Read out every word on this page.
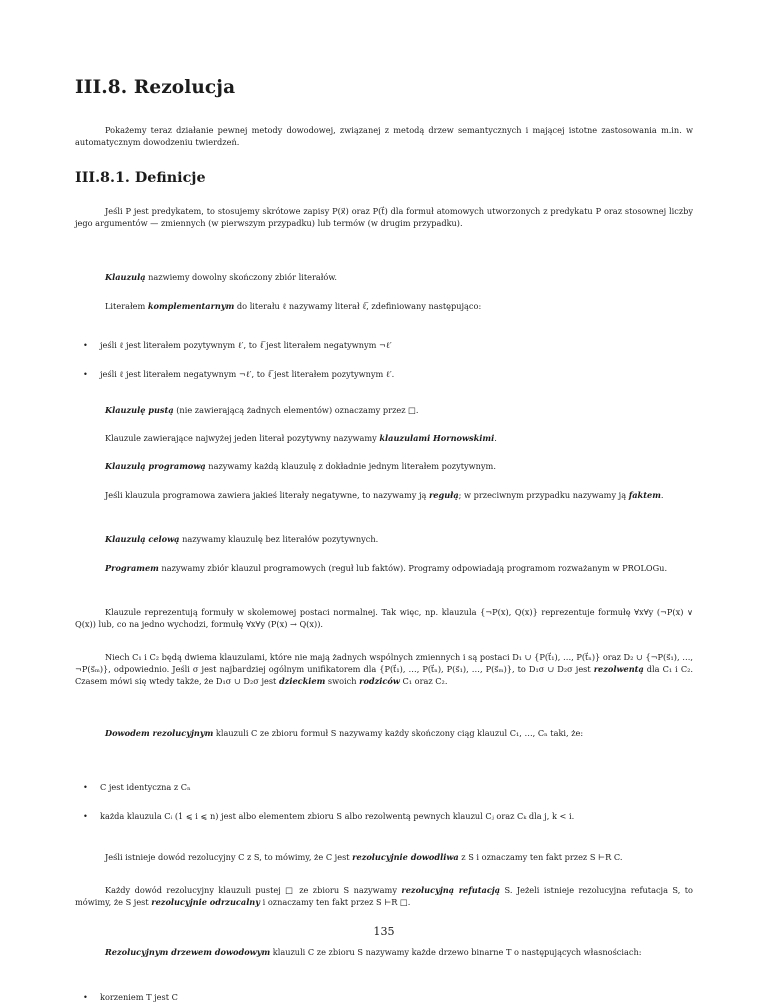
III.8. Rezolucja

Pokażemy teraz działanie pewnej metody dowodowej, związanej z metodą drzew semantycznych i mającej istotne zastosowania m.in. w automatycznym dowodzeniu twierdzeń.

III.8.1. Definicje

Jeśli P jest predykatem, to stosujemy skrótowe zapisy P(x⃗) oraz P(t⃗) dla formuł atomowych utworzonych z predykatu P oraz stosownej liczby jego argumentów — zmiennych (w pierwszym przypadku) lub termów (w drugim przypadku).

Klauzulą nazwiemy dowolny skończony zbiór literałów.

Literałem komplementarnym do literału ℓ nazywamy literał ℓ̅, zdefiniowany następująco:

• jeśli ℓ jest literałem pozytywnym ℓ′, to ℓ̅ jest literałem negatywnym ¬ℓ′
• jeśli ℓ jest literałem negatywnym ¬ℓ′, to ℓ̅ jest literałem pozytywnym ℓ′.

Klauzulę pustą (nie zawierającą żadnych elementów) oznaczamy przez □.

Klauzule zawierające najwyżej jeden literał pozytywny nazywamy klauzulami Hornowskimi.

Klauzulą programową nazywamy każdą klauzulę z dokładnie jednym literałem pozytywnym.

Jeśli klauzula programowa zawiera jakieś literały negatywne, to nazywamy ją regułą; w przeciwnym przypadku nazywamy ją faktem.

Klauzulą celową nazywamy klauzulę bez literałów pozytywnych.

Programem nazywamy zbiór klauzul programowych (reguł lub faktów). Programy odpowiadają programom rozważanym w PROLOGu.

Klauzule reprezentują formuły w skolemowej postaci normalnej. Tak więc, np. klauzula {¬P(x), Q(x)} reprezentuje formułę ∀x∀y (¬P(x) ∨ Q(x)) lub, co na jedno wychodzi, formułę ∀x∀y (P(x) → Q(x)).

Niech C₁ i C₂ będą dwiema klauzulami, które nie mają żadnych wspólnych zmiennych i są postaci D₁ ∪ {P(t⃗₁), …, P(t⃗ₙ)} oraz D₂ ∪ {¬P(s⃗₁), …, ¬P(s⃗ₘ)}, odpowiednio. Jeśli σ jest najbardziej ogólnym unifikatorem dla {P(t⃗₁), …, P(t⃗ₙ), P(s⃗₁), …, P(s⃗ₘ)}, to D₁σ ∪ D₂σ jest rezolwentą dla C₁ i C₂. Czasem mówi się wtedy także, że D₁σ ∪ D₂σ jest dzieckiem swoich rodziców C₁ oraz C₂.

Dowodem rezolucyjnym klauzuli C ze zbioru formuł S nazywamy każdy skończony ciąg klauzul C₁, …, Cₙ taki, że:

• C jest identyczna z Cₙ
• każda klauzula Cᵢ (1 ⩽ i ⩽ n) jest albo elementem zbioru S albo rezolwentą pewnych klauzul Cⱼ oraz Cₖ dla j, k < i.

Jeśli istnieje dowód rezolucyjny C z S, to mówimy, że C jest rezolucyjnie dowodliwa z S i oznaczamy ten fakt przez S ⊢R C.

Każdy dowód rezolucyjny klauzuli pustej □ ze zbioru S nazywamy rezolucyjną refutacją S. Jeżeli istnieje rezolucyjna refutacja S, to mówimy, że S jest rezolucyjnie odrzucalny i oznaczamy ten fakt przez S ⊢R □.

Rezolucyjnym drzewem dowodowym klauzuli C ze zbioru S nazywamy każde drzewo binarne T o następujących własnościach:

• korzeniem T jest C
135
